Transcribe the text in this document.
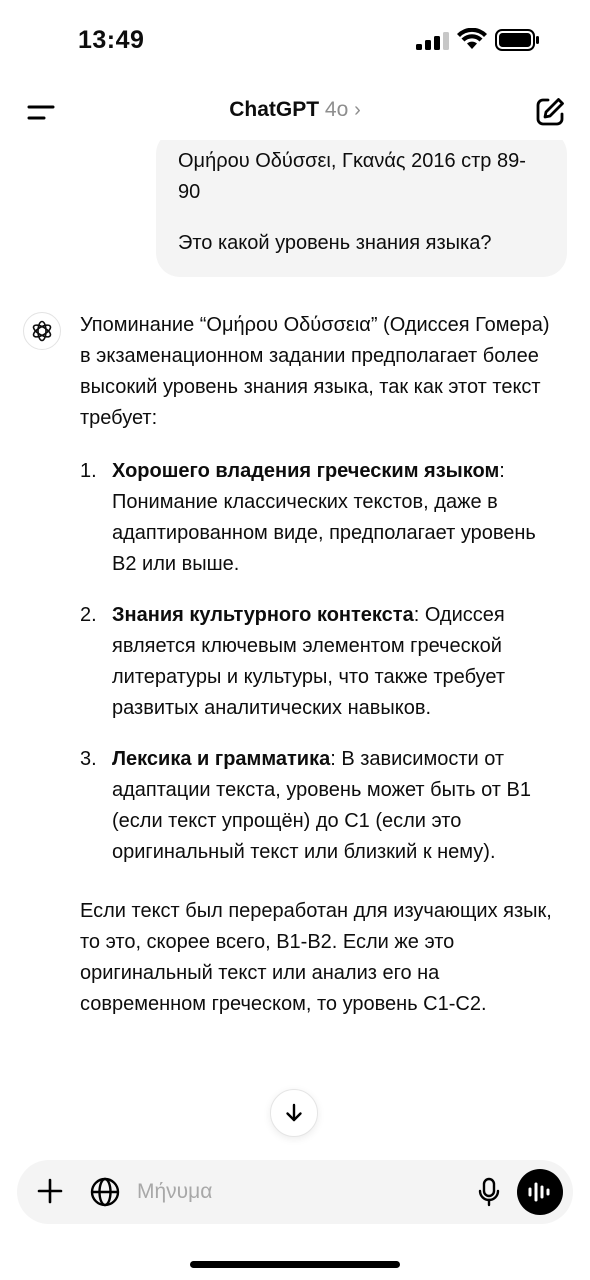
13:49
ChatGPT 4o ›

Ομήρου Οδύσσει, Γκανάς 2016 стр 89-90

Это какой уровень знания языка?

Упоминание “Ομήρου Οδύσσεια” (Одиссея Гомера) в экзаменационном задании предполагает более высокий уровень знания языка, так как этот текст требует:

1. Хорошего владения греческим языком: Понимание классических текстов, даже в адаптированном виде, предполагает уровень B2 или выше.
2. Знания культурного контекста: Одиссея является ключевым элементом греческой литературы и культуры, что также требует развитых аналитических навыков.
3. Лексика и грамматика: В зависимости от адаптации текста, уровень может быть от B1 (если текст упрощён) до C1 (если это оригинальный текст или близкий к нему).

Если текст был переработан для изучающих язык, то это, скорее всего, B1-B2. Если же это оригинальный текст или анализ его на современном греческом, то уровень C1-C2.

Μήνυμα
